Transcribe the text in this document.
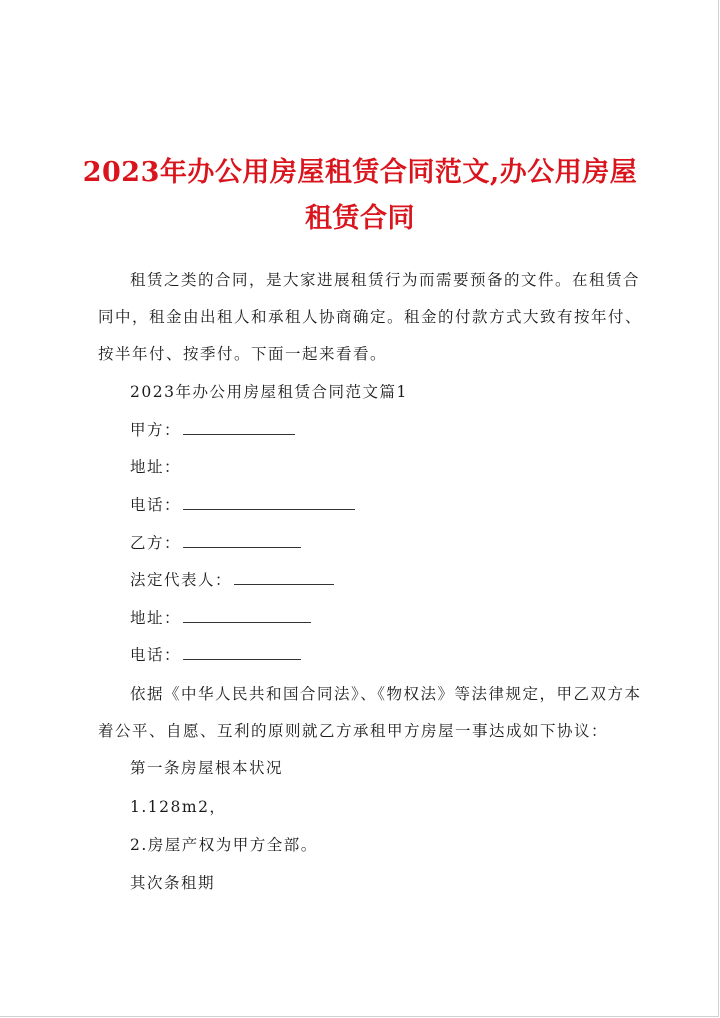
2023年办公用房屋租赁合同范文,办公用房屋
租赁合同
租赁之类的合同，是大家进展租赁行为而需要预备的文件。在租赁合
同中，租金由出租人和承租人协商确定。租金的付款方式大致有按年付、
按半年付、按季付。下面一起来看看。
2023年办公用房屋租赁合同范文篇1
甲方：
地址：
电话：
乙方：
法定代表人：
地址：
电话：
依据《中华人民共和国合同法》、《物权法》等法律规定，甲乙双方本
着公平、自愿、互利的原则就乙方承租甲方房屋一事达成如下协议：
第一条房屋根本状况
1.128m2，
2.房屋产权为甲方全部。
其次条租期
